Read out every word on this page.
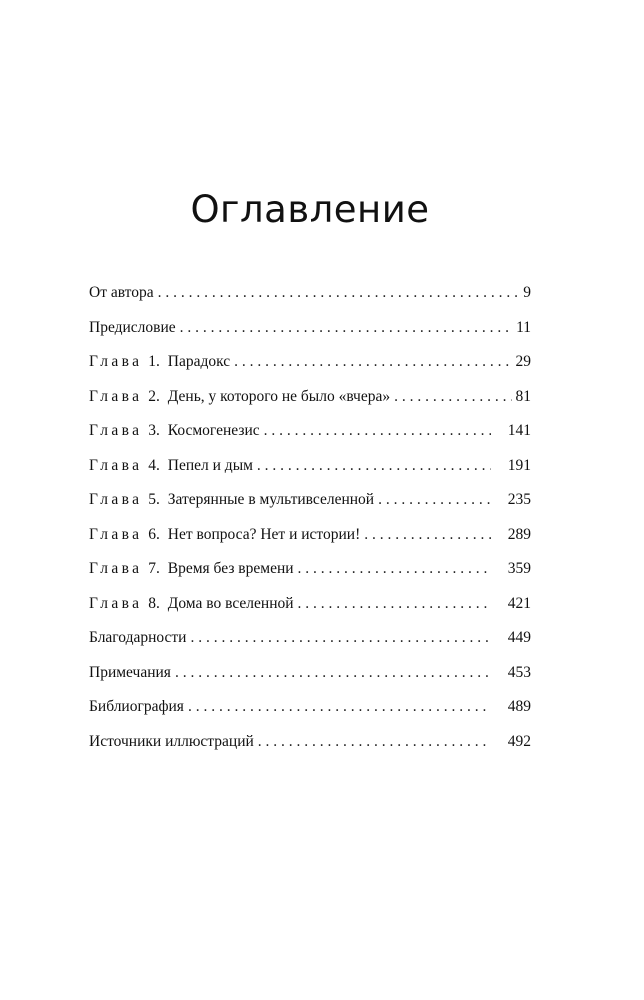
Оглавление
От автора . . .	9
Предисловие . . .	11
Глава 1. Парадокс . . .	29
Глава 2. День, у которого не было «вчера» . . .	81
Глава 3. Космогенезис . . .	141
Глава 4. Пепел и дым . . .	191
Глава 5. Затерянные в мультивселенной . . .	235
Глава 6. Нет вопроса? Нет и истории! . . .	289
Глава 7. Время без времени . . .	359
Глава 8. Дома во вселенной . . .	421
Благодарности . . .	449
Примечания . . .	453
Библиография . . .	489
Источники иллюстраций . . .	492
